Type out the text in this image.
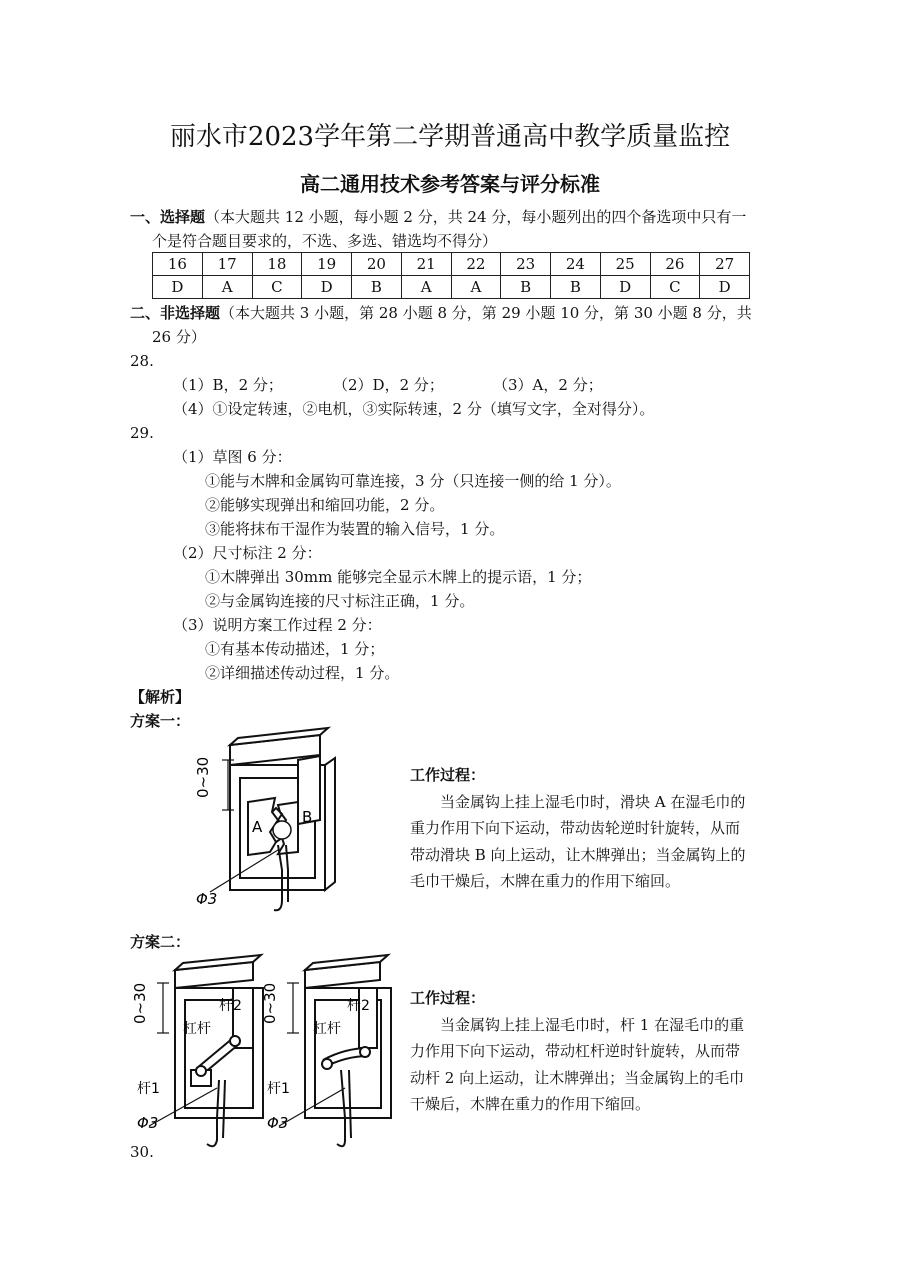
丽水市2023学年第二学期普通高中教学质量监控
高二通用技术参考答案与评分标准
一、选择题（本大题共 12 小题，每小题 2 分，共 24 分，每小题列出的四个备选项中只有一
个是符合题目要求的，不选、多选、错选均不得分）
16	17	18	19	20	21	22	23	24	25	26	27
D	A	C	D	B	A	A	B	B	D	C	D
二、非选择题（本大题共 3 小题，第 28 小题 8 分，第 29 小题 10 分，第 30 小题 8 分，共
26 分）
28.
（1）B，2 分；	（2）D，2 分；	（3）A，2 分；
（4）①设定转速，②电机，③实际转速，2 分（填写文字，全对得分）。
29.
（1）草图 6 分：
①能与木牌和金属钩可靠连接，3 分（只连接一侧的给 1 分）。
②能够实现弹出和缩回功能，2 分。
③能将抹布干湿作为装置的输入信号，1 分。
（2）尺寸标注 2 分：
①木牌弹出 30mm 能够完全显示木牌上的提示语，1 分；
②与金属钩连接的尺寸标注正确，1 分。
（3）说明方案工作过程 2 分：
①有基本传动描述，1 分；
②详细描述传动过程，1 分。
【解析】
方案一：
0~30
A
B
Φ3
工作过程：
当金属钩上挂上湿毛巾时，滑块 A 在湿毛巾的
重力作用下向下运动，带动齿轮逆时针旋转，从而
带动滑块 B 向上运动，让木牌弹出；当金属钩上的
毛巾干燥后，木牌在重力的作用下缩回。
方案二：
0~30	杆2
杠杆
杆1
Φ3
0~30	杆2
杠杆
杆1
Φ3
工作过程：
当金属钩上挂上湿毛巾时，杆 1 在湿毛巾的重
力作用下向下运动，带动杠杆逆时针旋转，从而带
动杆 2 向上运动，让木牌弹出；当金属钩上的毛巾
干燥后，木牌在重力的作用下缩回。
30.
